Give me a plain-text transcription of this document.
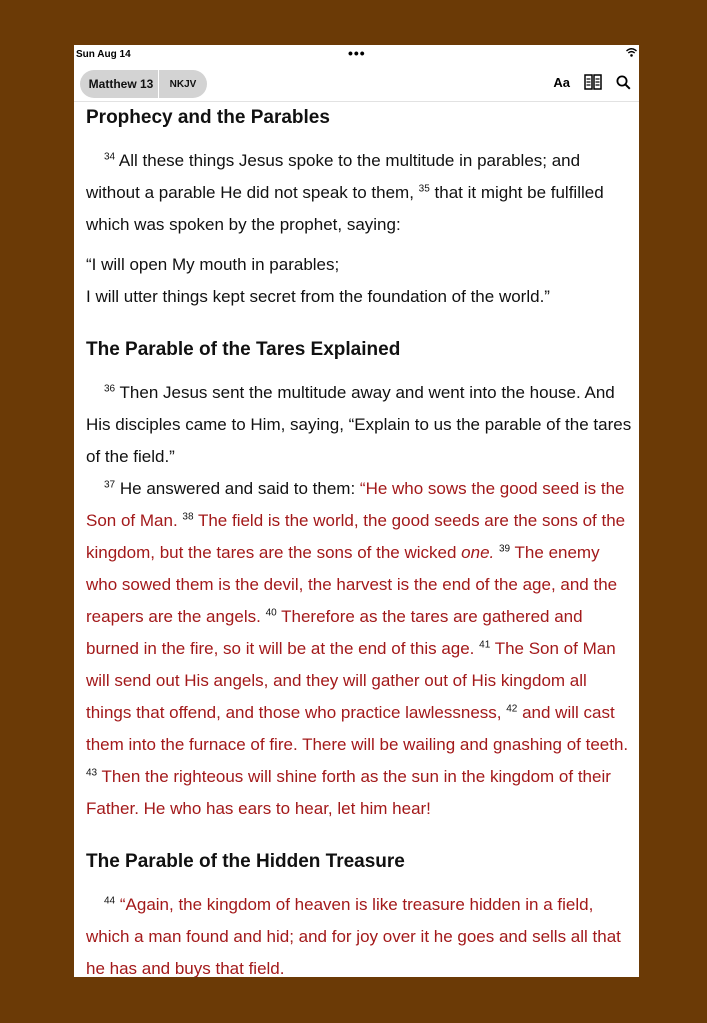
Sun Aug 14	•••
Matthew 13	NKJV	Aa
Prophecy and the Parables

$^{34}$ All these things Jesus spoke to the multitude in parables; and without a parable He did not speak to them, $^{35}$ that it might be fulfilled which was spoken by the prophet, saying:

“I will open My mouth in parables;
I will utter things kept secret from the foundation of the world.”

The Parable of the Tares Explained

$^{36}$ Then Jesus sent the multitude away and went into the house. And His disciples came to Him, saying, “Explain to us the parable of the tares of the field.”

$^{37}$ He answered and said to them: “He who sows the good seed is the Son of Man. $^{38}$ The field is the world, the good seeds are the sons of the kingdom, but the tares are the sons of the wicked one. $^{39}$ The enemy who sowed them is the devil, the harvest is the end of the age, and the reapers are the angels. $^{40}$ Therefore as the tares are gathered and burned in the fire, so it will be at the end of this age. $^{41}$ The Son of Man will send out His angels, and they will gather out of His kingdom all things that offend, and those who practice lawlessness, $^{42}$ and will cast them into the furnace of fire. There will be wailing and gnashing of teeth. $^{43}$ Then the righteous will shine forth as the sun in the kingdom of their Father. He who has ears to hear, let him hear!

The Parable of the Hidden Treasure

$^{44}$ “Again, the kingdom of heaven is like treasure hidden in a field, which a man found and hid; and for joy over it he goes and sells all that he has and buys that field.
